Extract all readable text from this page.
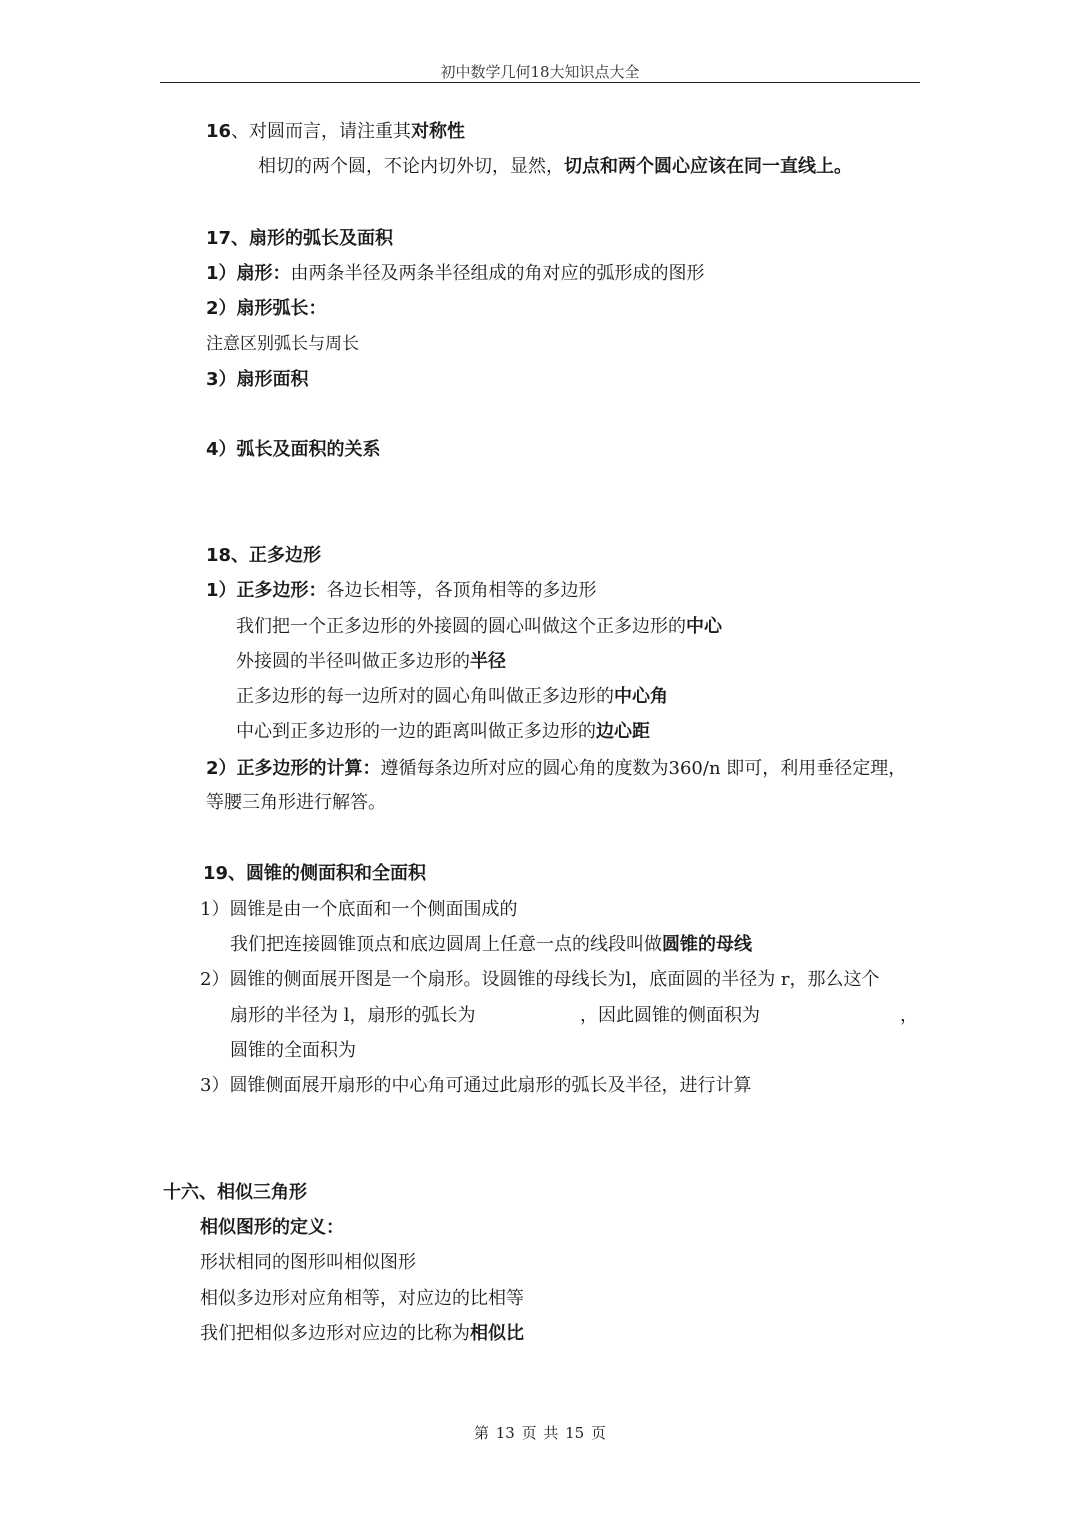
初中数学几何18大知识点大全
16、对圆而言，请注重其对称性
相切的两个圆，不论内切外切，显然，切点和两个圆心应该在同一直线上。
17、扇形的弧长及面积
1）扇形：由两条半径及两条半径组成的角对应的弧形成的图形
2）扇形弧长：
注意区别弧长与周长
3）扇形面积
4）弧长及面积的关系
18、正多边形
1）正多边形：各边长相等，各顶角相等的多边形
我们把一个正多边形的外接圆的圆心叫做这个正多边形的中心
外接圆的半径叫做正多边形的半径
正多边形的每一边所对的圆心角叫做正多边形的中心角
中心到正多边形的一边的距离叫做正多边形的边心距
2）正多边形的计算：遵循每条边所对应的圆心角的度数为360/n 即可，利用垂径定理，
等腰三角形进行解答。
19、圆锥的侧面积和全面积
1）圆锥是由一个底面和一个侧面围成的
我们把连接圆锥顶点和底边圆周上任意一点的线段叫做圆锥的母线
2）圆锥的侧面展开图是一个扇形。设圆锥的母线长为l，底面圆的半径为 r，那么这个
扇形的半径为 l，扇形的弧长为	，因此圆锥的侧面积为	，
圆锥的全面积为
3）圆锥侧面展开扇形的中心角可通过此扇形的弧长及半径，进行计算
十六、相似三角形
相似图形的定义：
形状相同的图形叫相似图形
相似多边形对应角相等，对应边的比相等
我们把相似多边形对应边的比称为相似比
第 13 页 共 15 页
